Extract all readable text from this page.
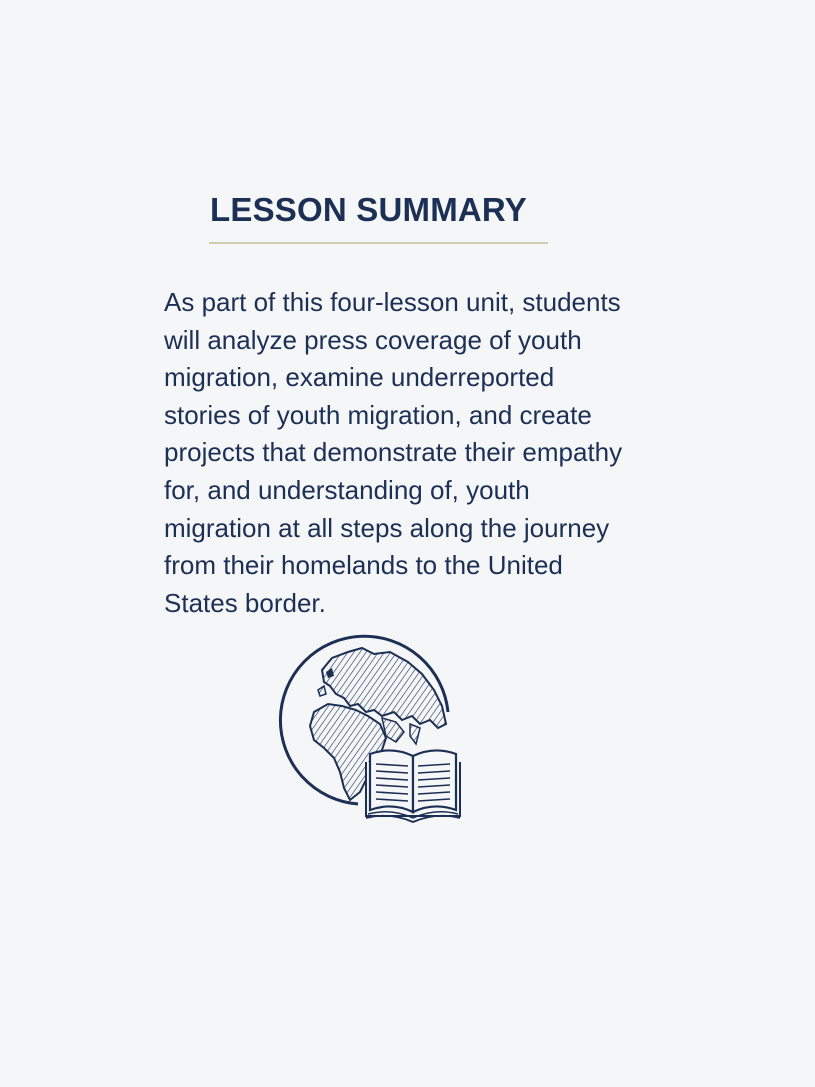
LESSON SUMMARY

As part of this four-lesson unit, students
will analyze press coverage of youth
migration, examine underreported
stories of youth migration, and create
projects that demonstrate their empathy
for, and understanding of, youth
migration at all steps along the journey
from their homelands to the United
States border.
